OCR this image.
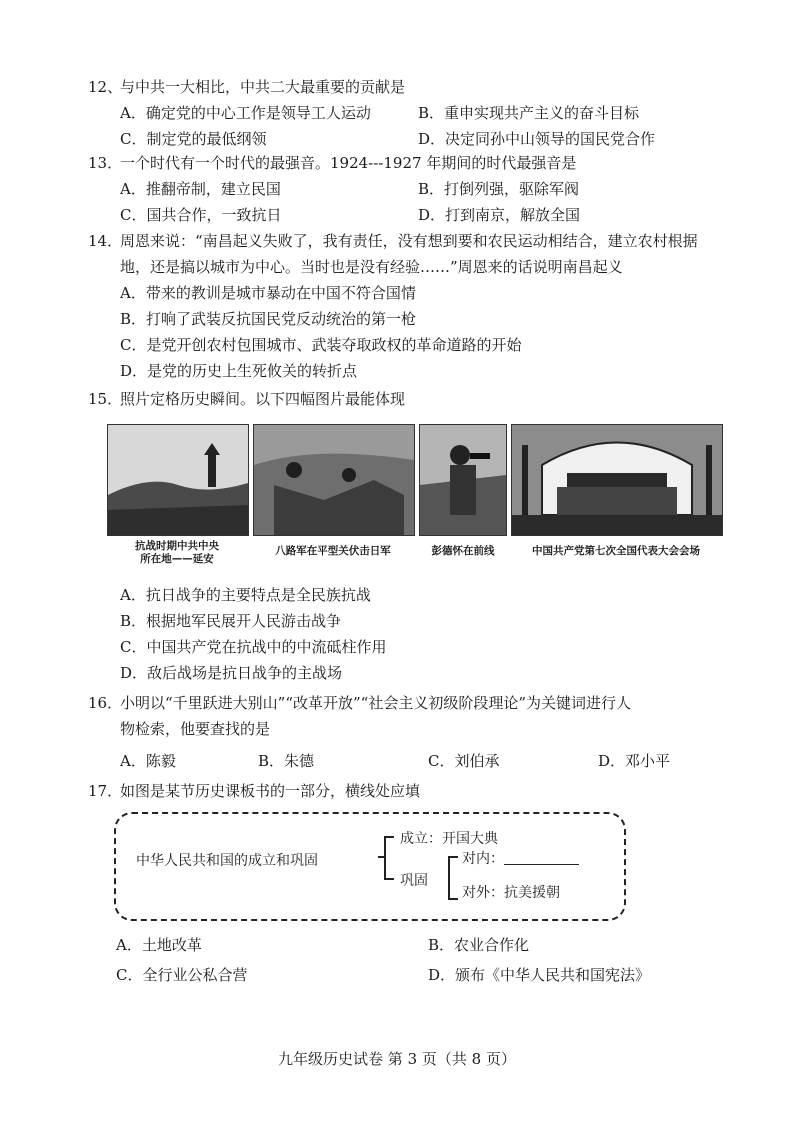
12、与中共一大相比，中共二大最重要的贡献是
A．确定党的中心工作是领导工人运动	B．重申实现共产主义的奋斗目标
C．制定党的最低纲领	D．决定同孙中山领导的国民党合作
13．一个时代有一个时代的最强音。1924---1927 年期间的时代最强音是
A．推翻帝制，建立民国	B．打倒列强，驱除军阀
C．国共合作，一致抗日	D．打到南京，解放全国
14．周恩来说：“南昌起义失败了，我有责任，没有想到要和农民运动相结合，建立农村根据
地，还是搞以城市为中心。当时也是没有经验……”周恩来的话说明南昌起义
A．带来的教训是城市暴动在中国不符合国情
B．打响了武装反抗国民党反动统治的第一枪
C．是党开创农村包围城市、武装夺取政权的革命道路的开始
D．是党的历史上生死攸关的转折点
15．照片定格历史瞬间。以下四幅图片最能体现
抗战时期中共中央
所在地——延安
八路军在平型关伏击日军	彭德怀在前线	中国共产党第七次全国代表大会会场
A．抗日战争的主要特点是全民族抗战
B．根据地军民展开人民游击战争
C．中国共产党在抗战中的中流砥柱作用
D．敌后战场是抗日战争的主战场
16．小明以“千里跃进大别山”“改革开放”“社会主义初级阶段理论”为关键词进行人
物检索，他要查找的是
A．陈毅	B．朱德	C．刘伯承	D．邓小平
17．如图是某节历史课板书的一部分，横线处应填
中华人民共和国的成立和巩固
成立：开国大典
巩固
对内：
对外：抗美援朝
A．土地改革	B．农业合作化
C．全行业公私合营	D．颁布《中华人民共和国宪法》
九年级历史试卷 第 3 页（共 8 页）
